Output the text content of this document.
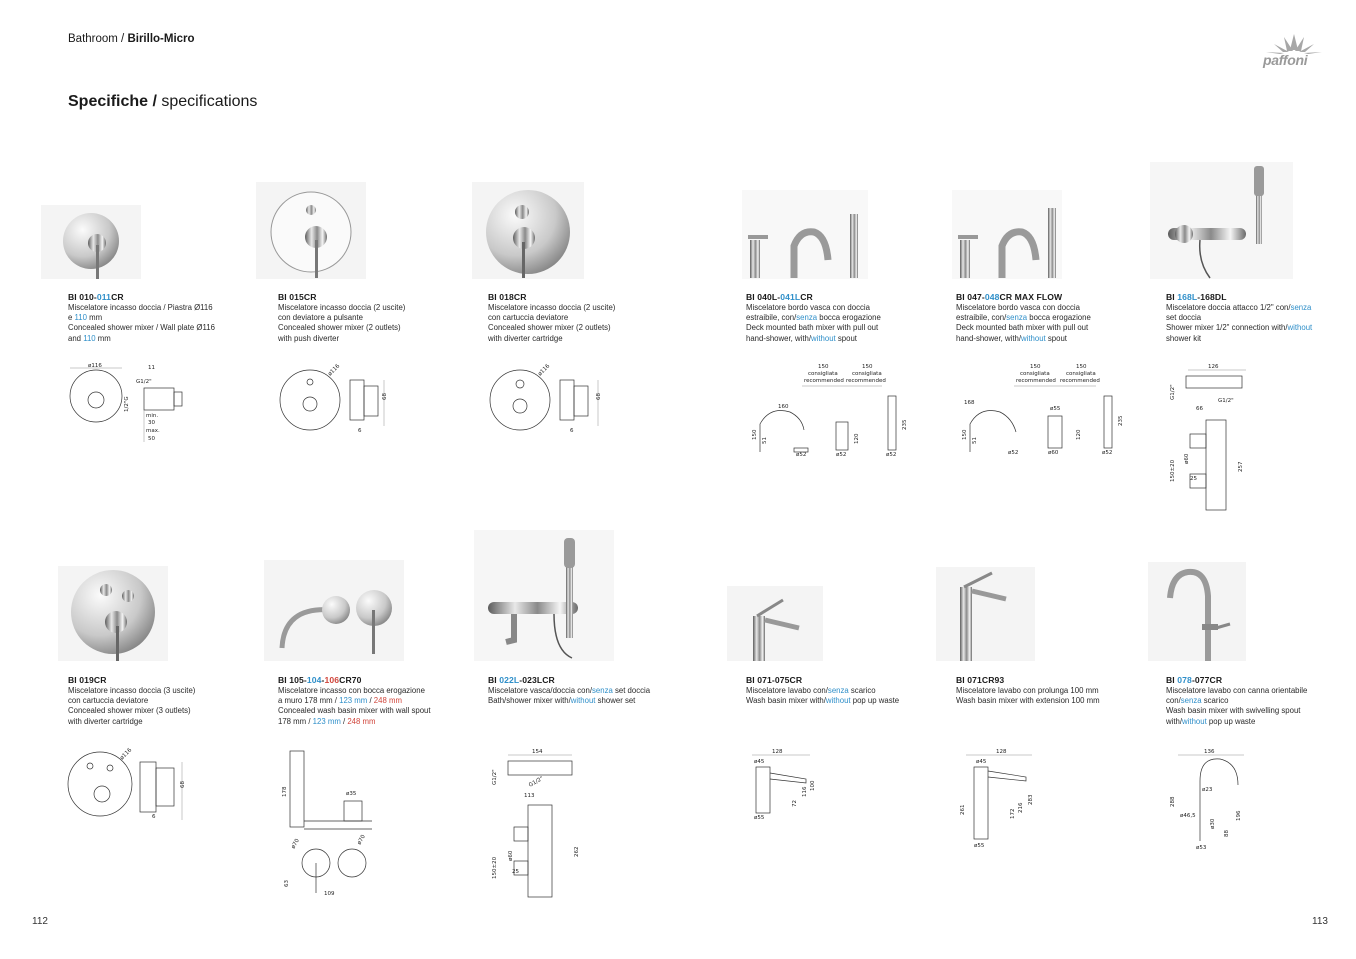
Bathroom / Birillo-Micro
paffoni
Specifiche / specifications
112	113
BI 010-011CR

Miscelatore incasso doccia / Piastra Ø116

e 110 mm

Concealed shower mixer / Wall plate Ø116

and 110 mm

BI 015CR

Miscelatore incasso doccia (2 uscite)

con deviatore a pulsante

Concealed shower mixer (2 outlets)

with push diverter

BI 018CR

Miscelatore incasso doccia (2 uscite)

con cartuccia deviatore

Concealed shower mixer (2 outlets)

with diverter cartridge

BI 040L-041LCR

Miscelatore bordo vasca con doccia

estraibile, con/senza bocca erogazione

Deck mounted bath mixer with pull out

hand-shower, with/without spout

BI 047-048CR MAX FLOW

Miscelatore bordo vasca con doccia

estraibile, con/senza bocca erogazione

Deck mounted bath mixer with pull out

hand-shower, with/without spout

BI 168L-168DL

Miscelatore doccia attacco 1/2" con/senza

set doccia

Shower mixer 1/2" connection with/without

shower kit

BI 019CR

Miscelatore incasso doccia (3 uscite)

con cartuccia deviatore

Concealed shower mixer (3 outlets)

with diverter cartridge

BI 105-104-106CR70

Miscelatore incasso con bocca erogazione

a muro 178 mm / 123 mm / 248 mm

Concealed wash basin mixer with wall spout

178 mm / 123 mm / 248 mm

BI 022L-023LCR

Miscelatore vasca/doccia con/senza set doccia

Bath/shower mixer with/without shower set

BI 071-075CR

Miscelatore lavabo con/senza scarico

Wash basin mixer with/without pop up waste

BI 071CR93

Miscelatore lavabo con prolunga 100 mm

Wash basin mixer with extension 100 mm

BI 078-077CR

Miscelatore lavabo con canna orientabile

con/senza scarico

Wash basin mixer with swivelling spout

with/without pop up waste

ø116	11
G1/2"
1/2"G
min.
30
max.
50
ø116
68
6
ø116
68
6
150
consigliata
recommended
150
consigliata
recommended
160
150
51
ø52	ø52
120
ø52
235
150
consigliata
recommended
150
consigliata
recommended
168
ø55
150
51
ø52	ø60
120
ø52
235
126
G1/2"
G1/2"
66
ø60
150±20	25
257
ø116
68
6
178	ø35
ø70	ø70
63
109
154
G1/2"	G1/2"
113
ø60
150±20	25
262
128
ø45
72
116
100
ø55
128
ø45
261	172
216
283
ø55
136
ø23
ø46,5
288
ø30
196
ø53
88
